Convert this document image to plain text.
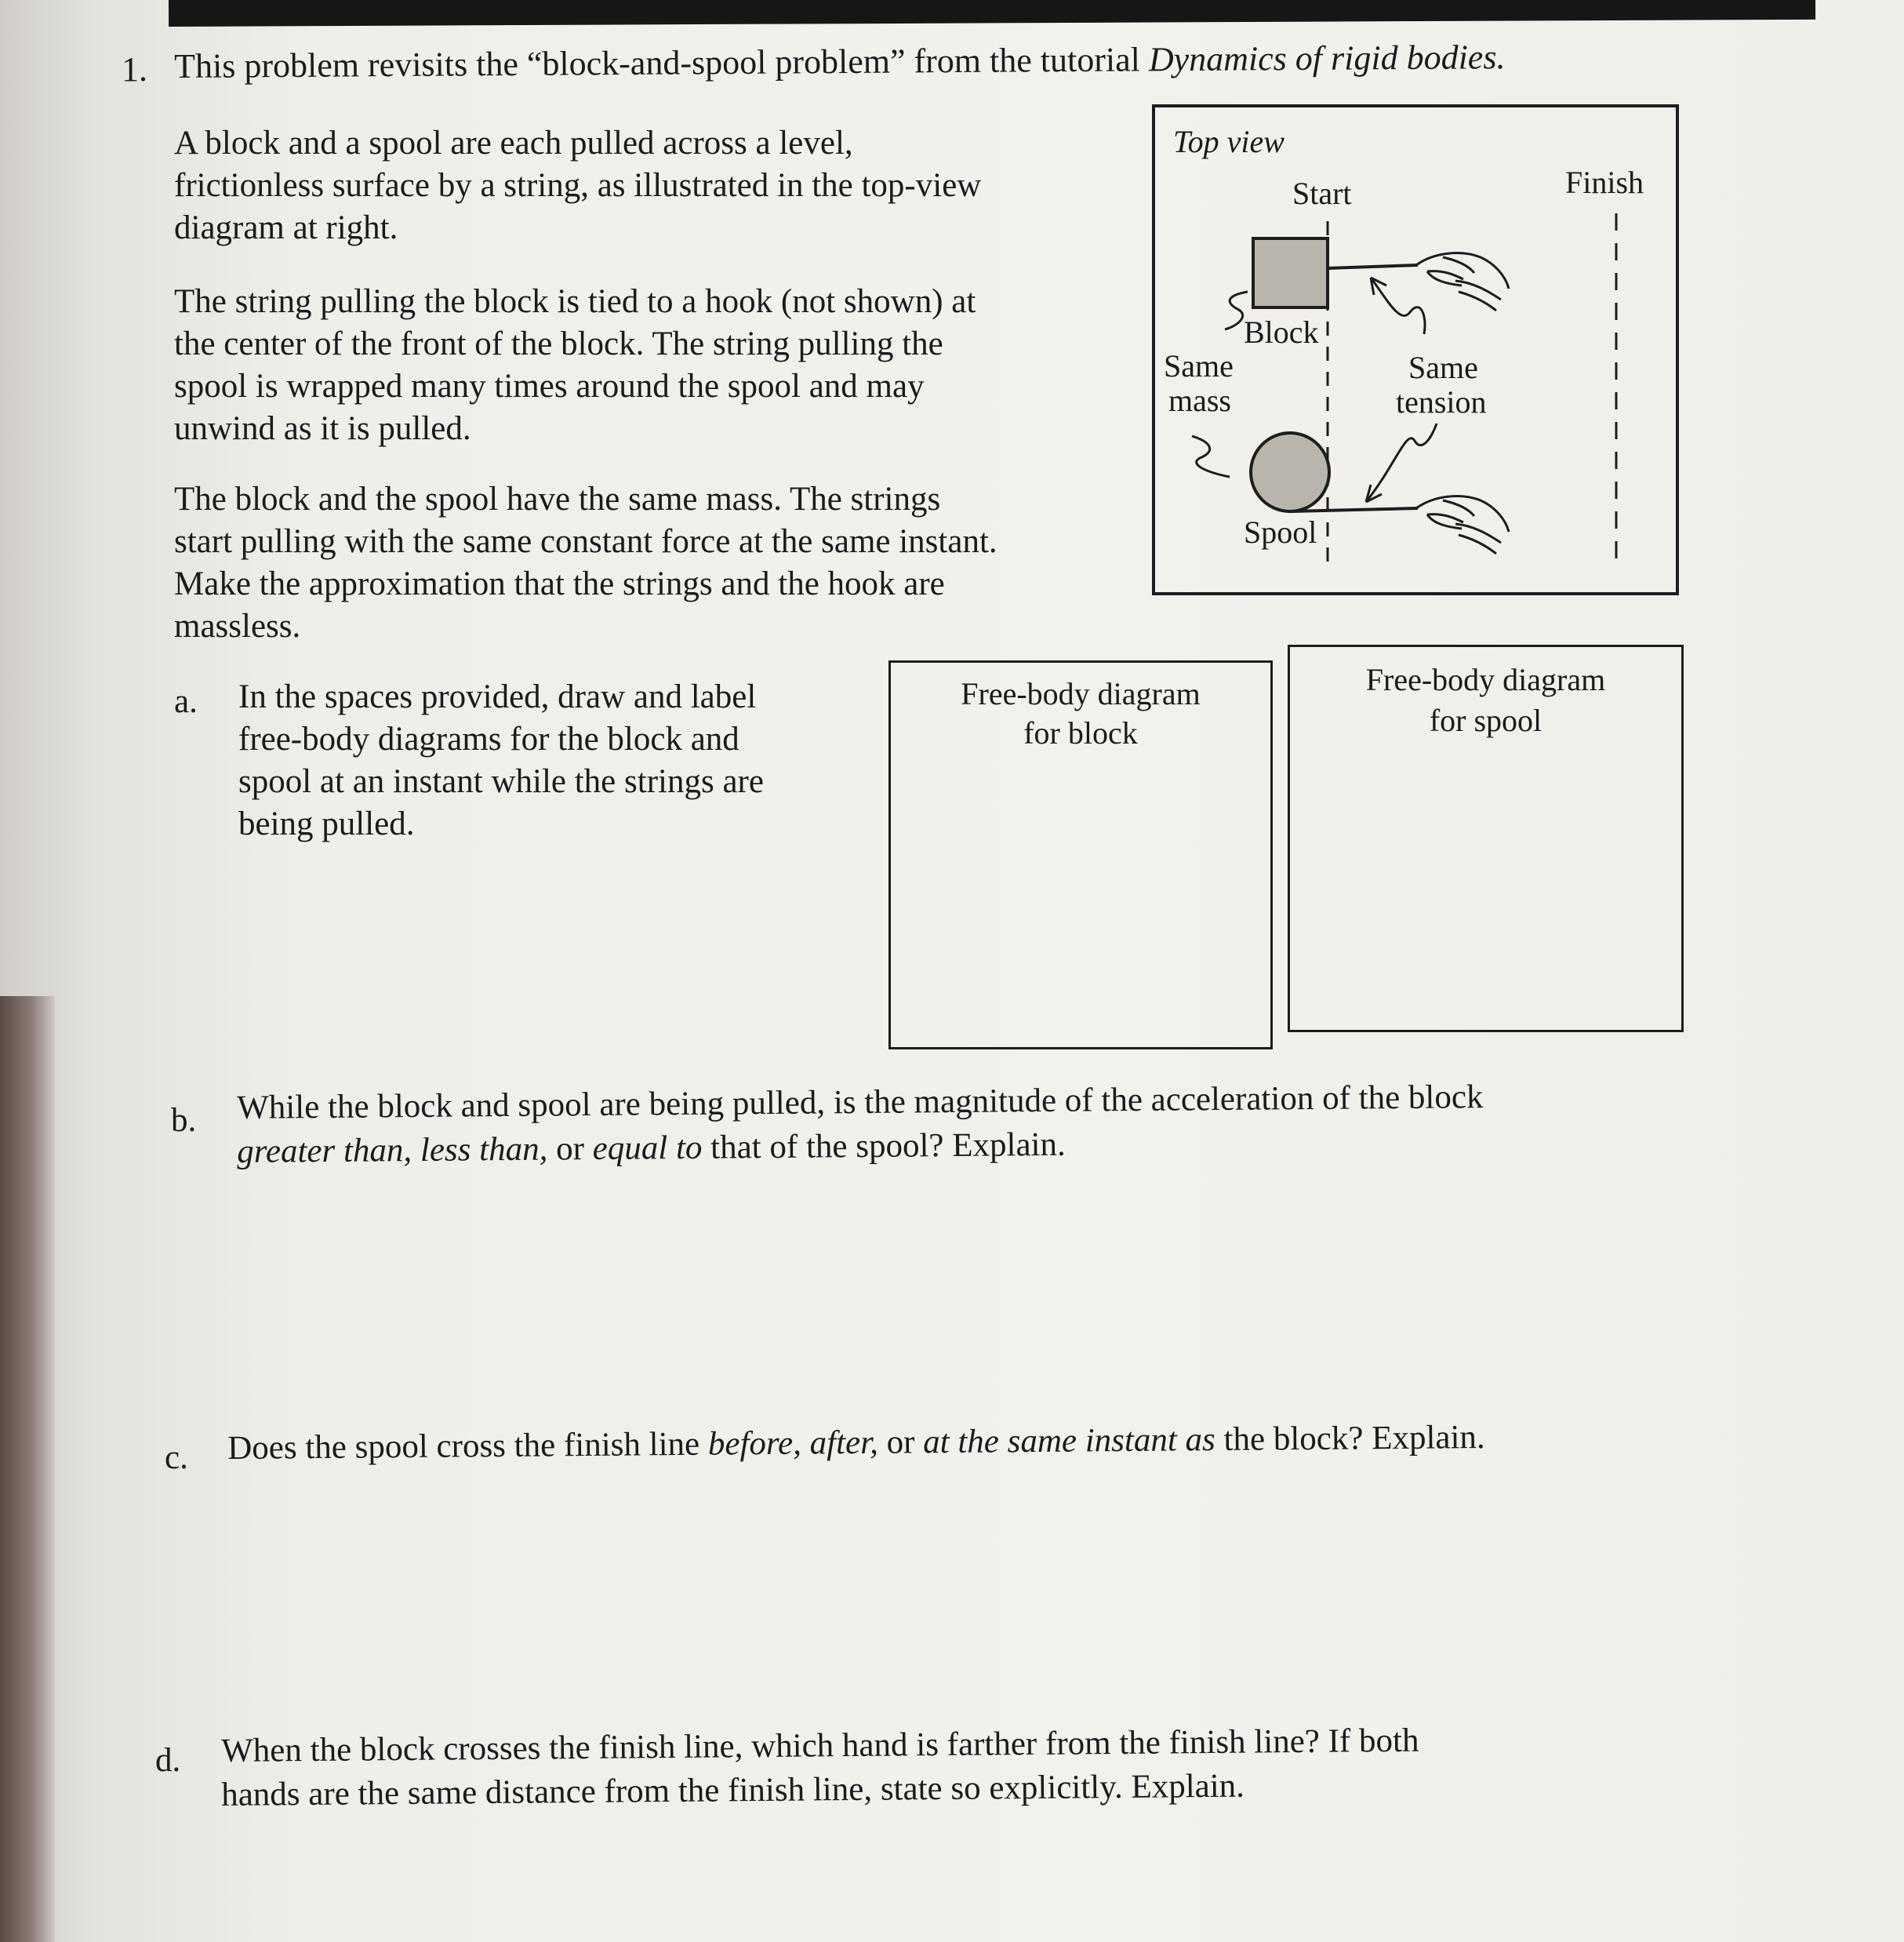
1. This problem revisits the “block-and-spool problem” from the tutorial Dynamics of rigid bodies.
A block and a spool are each pulled across a level,
frictionless surface by a string, as illustrated in the top-view
diagram at right.
The string pulling the block is tied to a hook (not shown) at
the center of the front of the block. The string pulling the
spool is wrapped many times around the spool and may
unwind as it is pulled.
The block and the spool have the same mass. The strings
start pulling with the same constant force at the same instant.
Make the approximation that the strings and the hook are
massless.
Top view
Start	Finish
Block
Spool
Same
mass
Same
tension
a. In the spaces provided, draw and label
free-body diagrams for the block and
spool at an instant while the strings are
being pulled.
Free-body diagram
for block
Free-body diagram
for spool
b. While the block and spool are being pulled, is the magnitude of the acceleration of the block
greater than, less than, or equal to that of the spool? Explain.
c. Does the spool cross the finish line before, after, or at the same instant as the block? Explain.
d. When the block crosses the finish line, which hand is farther from the finish line? If both
hands are the same distance from the finish line, state so explicitly. Explain.
